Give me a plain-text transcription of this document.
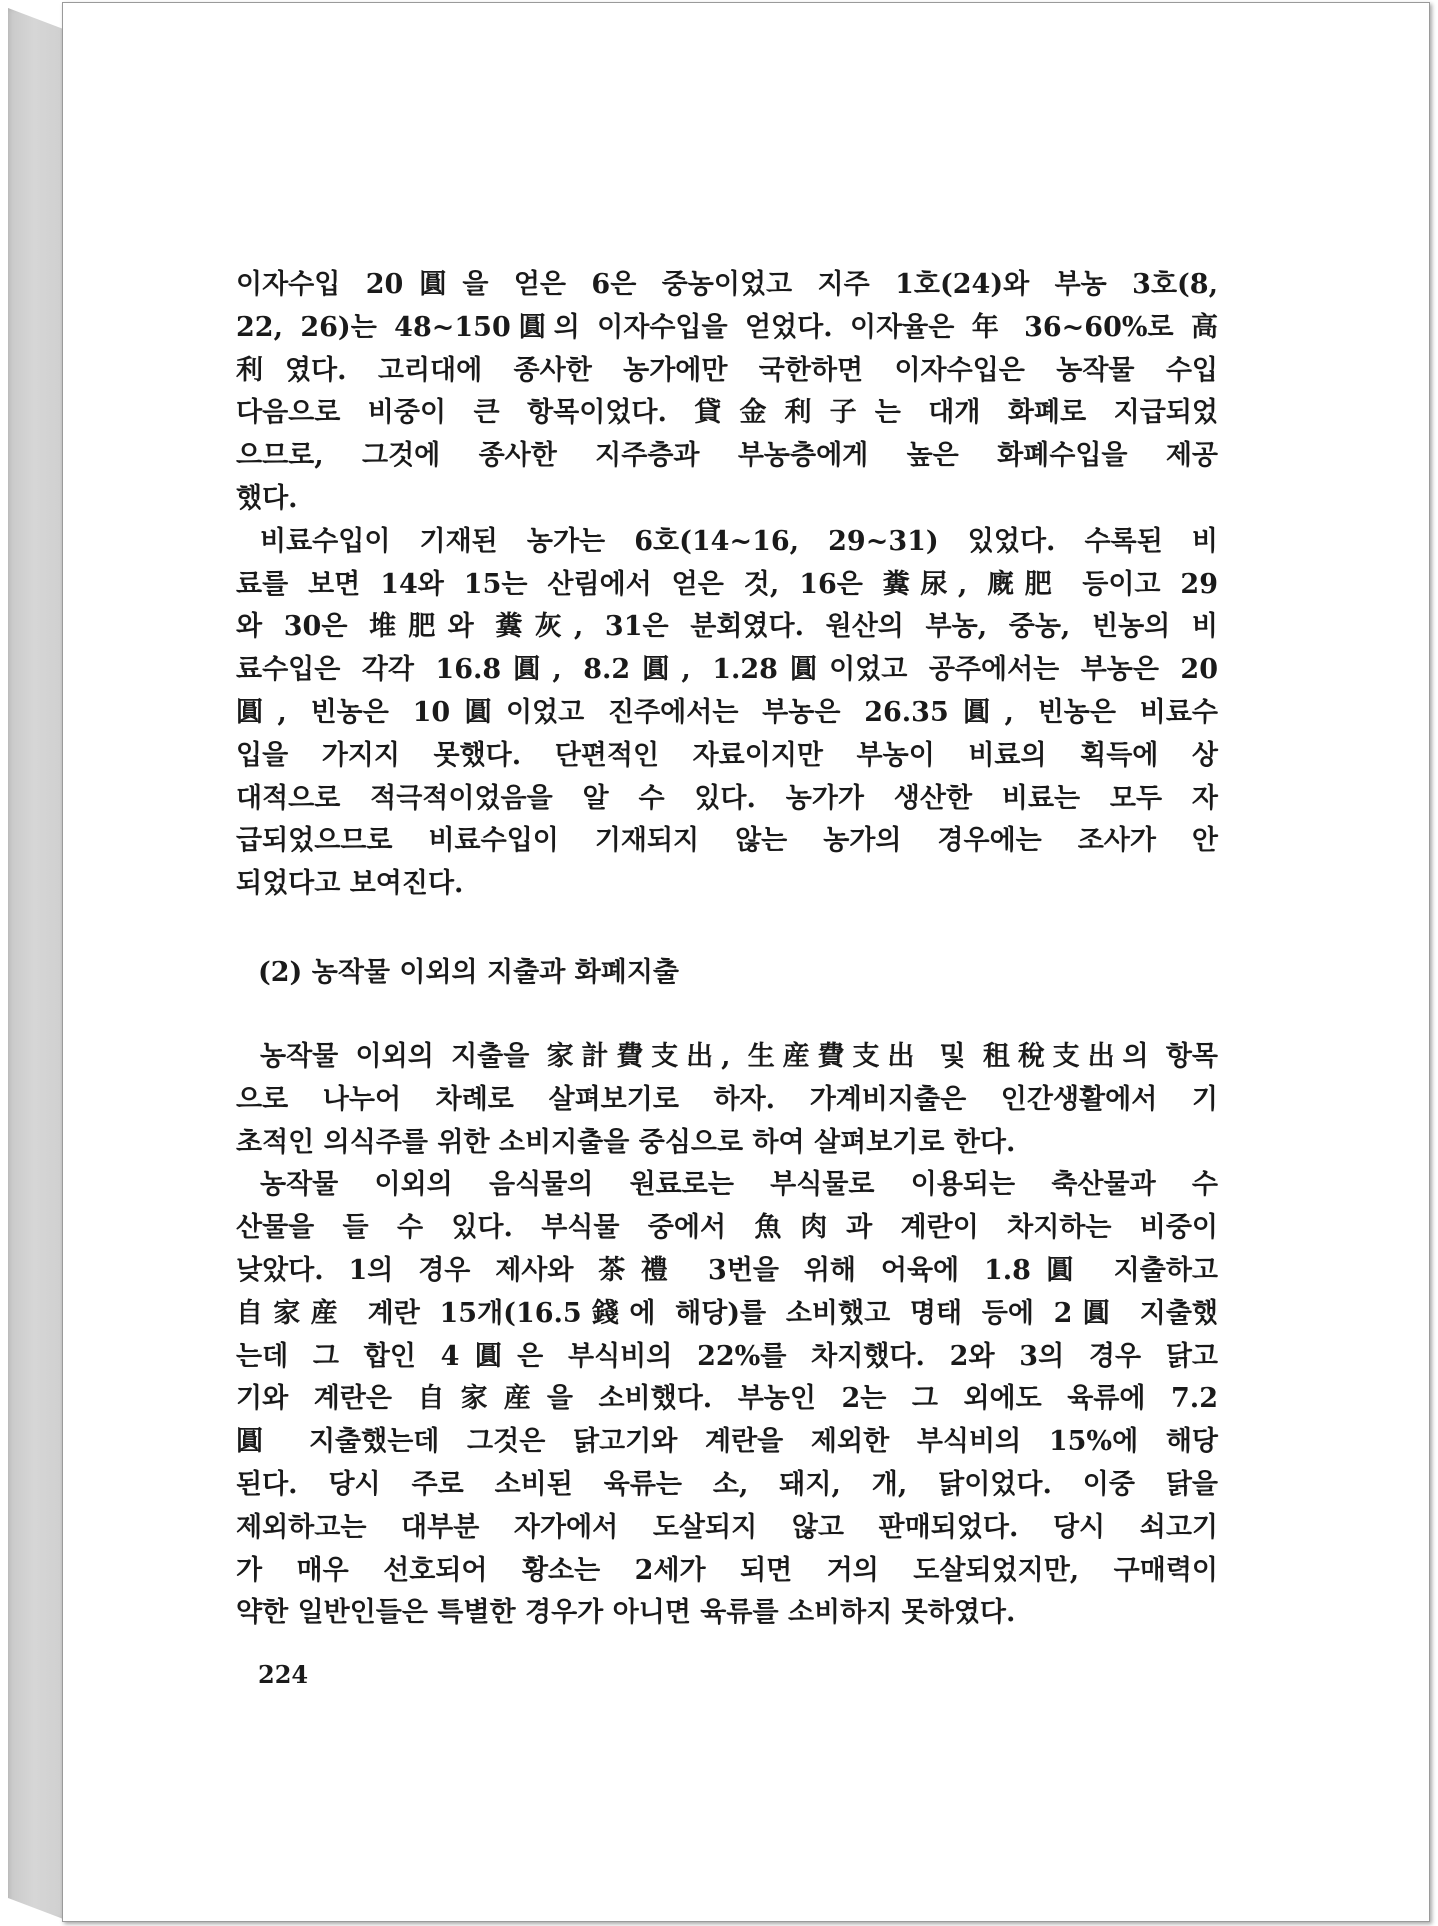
이자수입 20圓을 얻은 6은 중농이었고 지주 1호(24)와 부농 3호(8,
22, 26)는 48~150圓의 이자수입을 얻었다. 이자율은 年 36~60%로 高
利였다. 고리대에 종사한 농가에만 국한하면 이자수입은 농작물 수입
다음으로 비중이 큰 항목이었다. 貸金利子는 대개 화폐로 지급되었
으므로, 그것에 종사한 지주층과 부농층에게 높은 화폐수입을 제공
했다.

비료수입이 기재된 농가는 6호(14~16, 29~31) 있었다. 수록된 비
료를 보면 14와 15는 산림에서 얻은 것, 16은 糞尿, 廐肥 등이고 29
와 30은 堆肥와 糞灰, 31은 분회였다. 원산의 부농, 중농, 빈농의 비
료수입은 각각 16.8圓, 8.2圓, 1.28圓이었고 공주에서는 부농은 20
圓, 빈농은 10圓이었고 진주에서는 부농은 26.35圓, 빈농은 비료수
입을 가지지 못했다. 단편적인 자료이지만 부농이 비료의 획득에 상
대적으로 적극적이었음을 알 수 있다. 농가가 생산한 비료는 모두 자
급되었으므로 비료수입이 기재되지 않는 농가의 경우에는 조사가 안
되었다고 보여진다.

(2) 농작물 이외의 지출과 화폐지출

농작물 이외의 지출을 家計費支出, 生産費支出 및 租稅支出의 항목
으로 나누어 차례로 살펴보기로 하자. 가계비지출은 인간생활에서 기
초적인 의식주를 위한 소비지출을 중심으로 하여 살펴보기로 한다.

농작물 이외의 음식물의 원료로는 부식물로 이용되는 축산물과 수
산물을 들 수 있다. 부식물 중에서 魚肉과 계란이 차지하는 비중이
낮았다. 1의 경우 제사와 茶禮 3번을 위해 어육에 1.8圓 지출하고
自家産 계란 15개(16.5錢에 해당)를 소비했고 명태 등에 2圓 지출했
는데 그 합인 4圓은 부식비의 22%를 차지했다. 2와 3의 경우 닭고
기와 계란은 自家産을 소비했다. 부농인 2는 그 외에도 육류에 7.2
圓 지출했는데 그것은 닭고기와 계란을 제외한 부식비의 15%에 해당
된다. 당시 주로 소비된 육류는 소, 돼지, 개, 닭이었다. 이중 닭을
제외하고는 대부분 자가에서 도살되지 않고 판매되었다. 당시 쇠고기
가 매우 선호되어 황소는 2세가 되면 거의 도살되었지만, 구매력이
약한 일반인들은 특별한 경우가 아니면 육류를 소비하지 못하였다.

224
